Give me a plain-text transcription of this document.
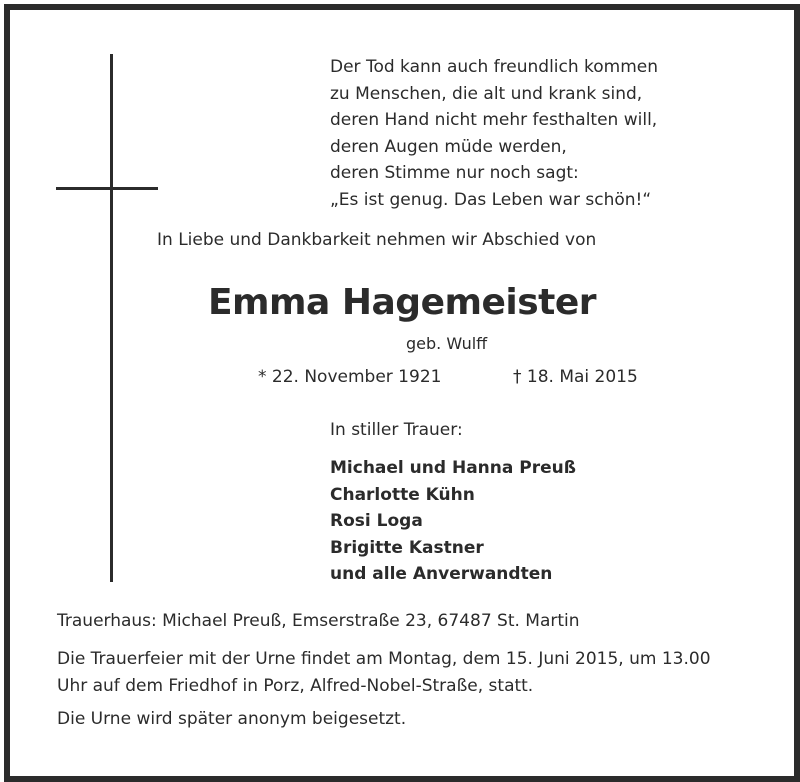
Der Tod kann auch freundlich kommen
zu Menschen, die alt und krank sind,
deren Hand nicht mehr festhalten will,
deren Augen müde werden,
deren Stimme nur noch sagt:
„Es ist genug. Das Leben war schön!“
In Liebe und Dankbarkeit nehmen wir Abschied von
Emma Hagemeister
geb. Wulff
* 22. November 1921	† 18. Mai 2015
In stiller Trauer:
Michael und Hanna Preuß
Charlotte Kühn
Rosi Loga
Brigitte Kastner
und alle Anverwandten
Trauerhaus: Michael Preuß, Emserstraße 23, 67487 St. Martin
Die Trauerfeier mit der Urne findet am Montag, dem 15. Juni 2015, um 13.00
Uhr auf dem Friedhof in Porz, Alfred-Nobel-Straße, statt.
Die Urne wird später anonym beigesetzt.
